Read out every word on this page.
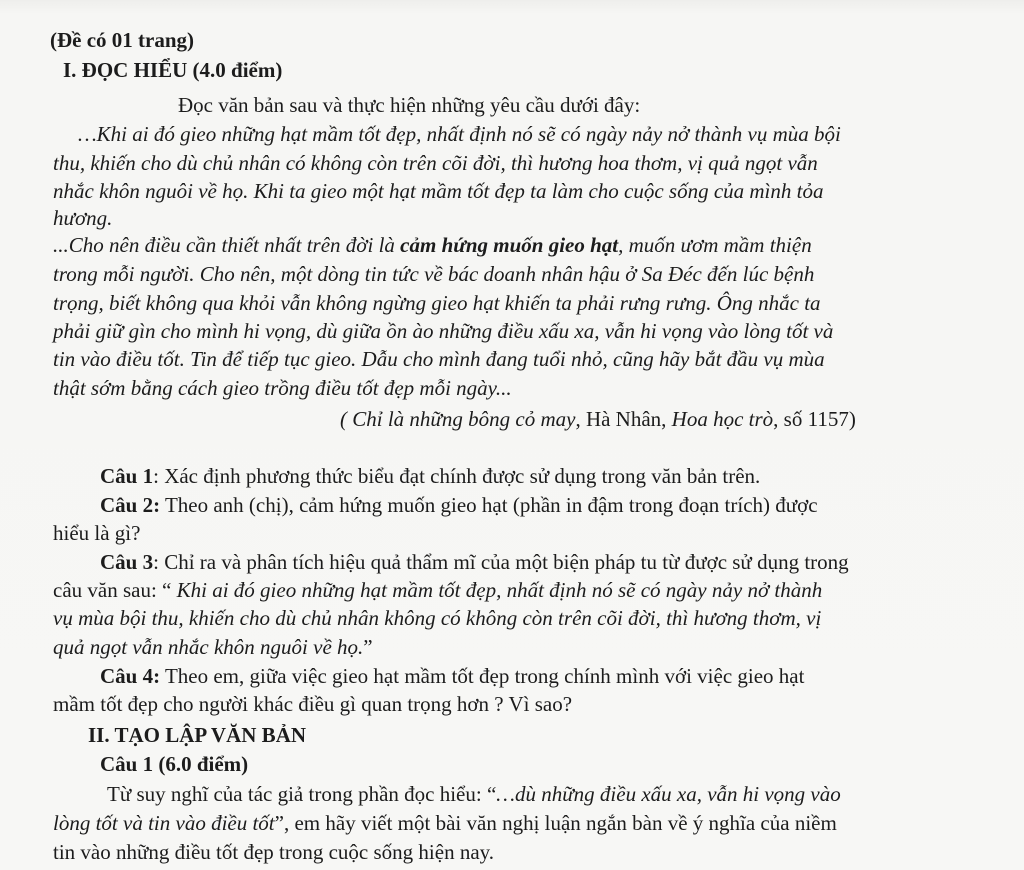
(Đề có 01 trang)
I. ĐỌC HIỂU (4.0 điểm)
Đọc văn bản sau và thực hiện những yêu cầu dưới đây:
…Khi ai đó gieo những hạt mầm tốt đẹp, nhất định nó sẽ có ngày nảy nở thành vụ mùa bội
thu, khiến cho dù chủ nhân có không còn trên cõi đời, thì hương hoa thơm, vị quả ngọt vẫn
nhắc khôn nguôi về họ. Khi ta gieo một hạt mầm tốt đẹp ta làm cho cuộc sống của mình tỏa
hương.
...Cho nên điều cần thiết nhất trên đời là cảm hứng muốn gieo hạt, muốn ươm mầm thiện
trong mỗi người. Cho nên, một dòng tin tức về bác doanh nhân hậu ở Sa Đéc đến lúc bệnh
trọng, biết không qua khỏi vẫn không ngừng gieo hạt khiến ta phải rưng rưng. Ông nhắc ta
phải giữ gìn cho mình hi vọng, dù giữa ồn ào những điều xấu xa, vẫn hi vọng vào lòng tốt và
tin vào điều tốt. Tin để tiếp tục gieo. Dẫu cho mình đang tuổi nhỏ, cũng hãy bắt đầu vụ mùa
thật sớm bằng cách gieo trồng điều tốt đẹp mỗi ngày...
( Chỉ là những bông cỏ may, Hà Nhân, Hoa học trò, số 1157)
Câu 1: Xác định phương thức biểu đạt chính được sử dụng trong văn bản trên.
Câu 2: Theo anh (chị), cảm hứng muốn gieo hạt (phần in đậm trong đoạn trích) được
hiểu là gì?
Câu 3: Chỉ ra và phân tích hiệu quả thẩm mĩ của một biện pháp tu từ được sử dụng trong
câu văn sau: “ Khi ai đó gieo những hạt mầm tốt đẹp, nhất định nó sẽ có ngày nảy nở thành
vụ mùa bội thu, khiến cho dù chủ nhân không có không còn trên cõi đời, thì hương thơm, vị
quả ngọt vẫn nhắc khôn nguôi về họ.”
Câu 4: Theo em, giữa việc gieo hạt mầm tốt đẹp trong chính mình với việc gieo hạt
mầm tốt đẹp cho người khác điều gì quan trọng hơn ? Vì sao?
II. TẠO LẬP VĂN BẢN
Câu 1 (6.0 điểm)
Từ suy nghĩ của tác giả trong phần đọc hiểu: “…dù những điều xấu xa, vẫn hi vọng vào
lòng tốt và tin vào điều tốt”, em hãy viết một bài văn nghị luận ngắn bàn về ý nghĩa của niềm
tin vào những điều tốt đẹp trong cuộc sống hiện nay.
